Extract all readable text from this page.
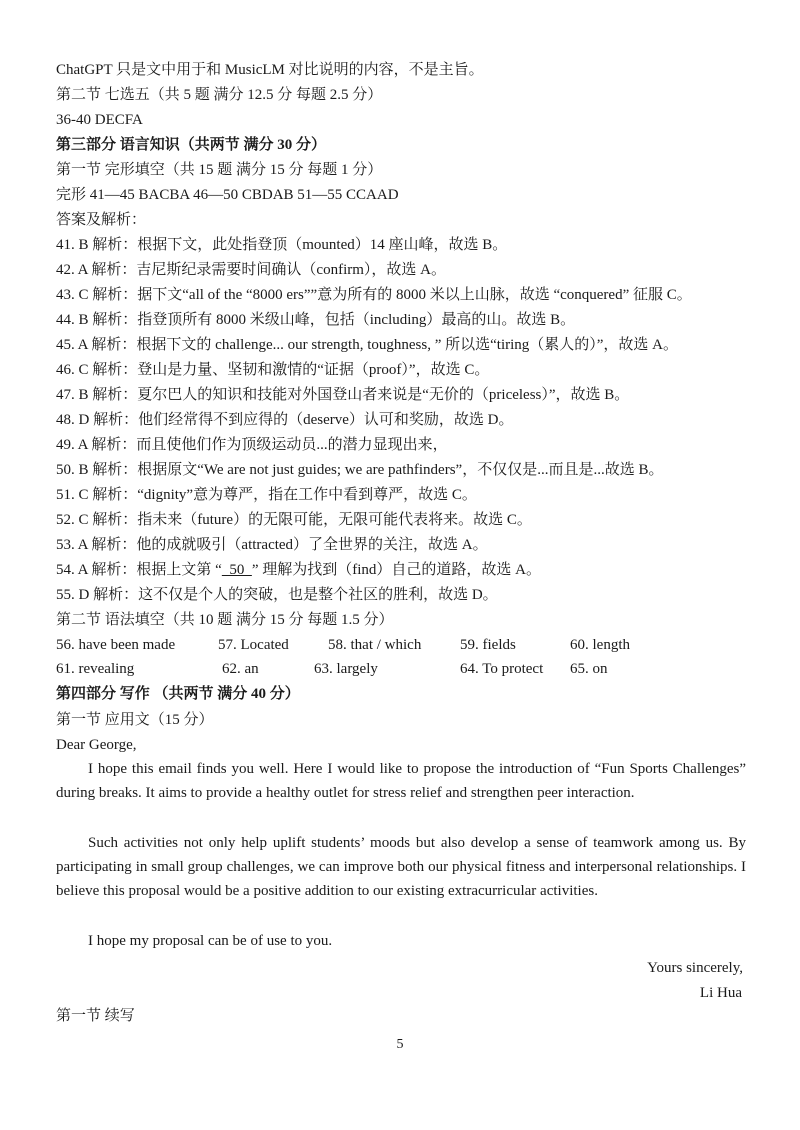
ChatGPT 只是文中用于和 MusicLM 对比说明的内容，不是主旨。
第二节 七选五（共 5 题 满分 12.5 分 每题 2.5 分）
36-40 DECFA
第三部分 语言知识（共两节 满分 30 分）
第一节 完形填空（共 15 题 满分 15 分 每题 1 分）
完形 41—45 BACBA 46—50 CBDAB 51—55 CCAAD
答案及解析：
41. B 解析：根据下文，此处指登顶（mounted）14 座山峰，故选 B。
42. A 解析：吉尼斯纪录需要时间确认（confirm），故选 A。
43. C 解析：据下文“all of the “8000 ers””意为所有的 8000 米以上山脉，故选 “conquered” 征服 C。
44. B 解析：指登顶所有 8000 米级山峰，包括（including）最高的山。故选 B。
45. A 解析：根据下文的 challenge... our strength, toughness, ” 所以选“tiring（累人的）”，故选 A。
46. C 解析：登山是力量、坚韧和激情的“证据（proof）”，故选 C。
47. B 解析：夏尔巴人的知识和技能对外国登山者来说是“无价的（priceless）”，故选 B。
48. D 解析：他们经常得不到应得的（deserve）认可和奖励，故选 D。
49. A 解析：而且使他们作为顶级运动员...的潜力显现出来，
50. B 解析：根据原文“We are not just guides; we are pathfinders”，不仅仅是...而且是...故选 B。
51. C 解析：“dignity”意为尊严，指在工作中看到尊严，故选 C。
52. C 解析：指未来（future）的无限可能，无限可能代表将来。故选 C。
53. A 解析：他的成就吸引（attracted）了全世界的关注，故选 A。
54. A 解析：根据上文第 “  50  ” 理解为找到（find）自己的道路，故选 A。
55. D 解析：这不仅是个人的突破，也是整个社区的胜利，故选 D。
第二节 语法填空（共 10 题 满分 15 分 每题 1.5 分）
56. have been made	57. Located	58. that / which	59. fields	60. length
61. revealing	62. an	63. largely	64. To protect 65. on
第四部分 写作 （共两节 满分 40 分）
第一节 应用文（15 分）
Dear George,

I hope this email finds you well. Here I would like to propose the introduction of “Fun Sports Challenges” during breaks. It aims to provide a healthy outlet for stress relief and strengthen peer interaction.

Such activities not only help uplift students’ moods but also develop a sense of teamwork among us. By participating in small group challenges, we can improve both our physical fitness and interpersonal relationships. I believe this proposal would be a positive addition to our existing extracurricular activities.

I hope my proposal can be of use to you.

Yours sincerely,
Li Hua
第一节 续写
5
